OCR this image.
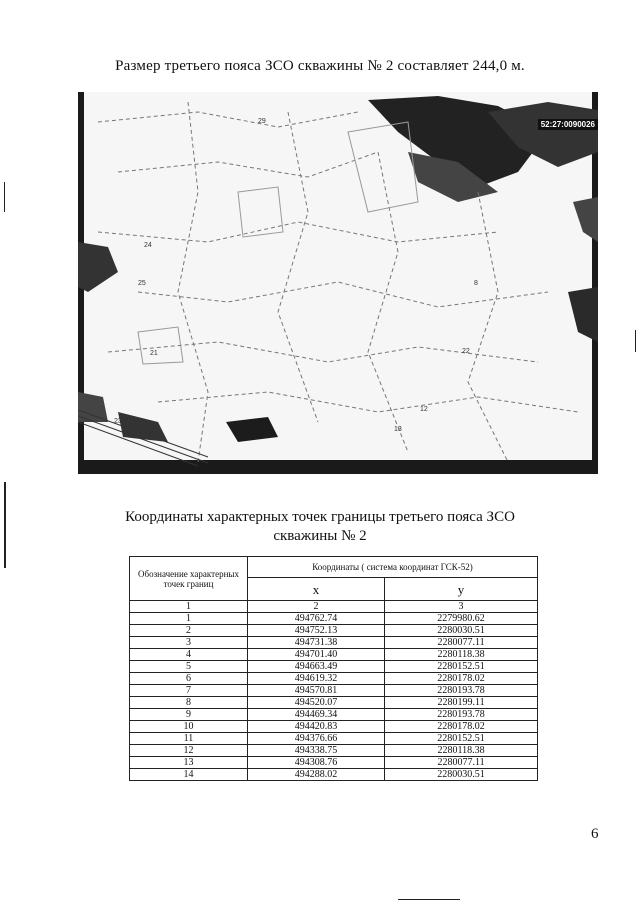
Размер третьего пояса ЗСО скважины № 2 составляет 244,0 м.
52:27:0090026
29
24
25
21	22
12
13
23
8
Координаты характерных точек границы третьего пояса ЗСО
скважины № 2
Обозначение характерных точек границ	Координаты ( система координат ГСК-52)	
	x	y
1	2	3
1	494762.74	2279980.62
2	494752.13	2280030.51
3	494731.38	2280077.11
4	494701.40	2280118.38
5	494663.49	2280152.51
6	494619.32	2280178.02
7	494570.81	2280193.78
8	494520.07	2280199.11
9	494469.34	2280193.78
10	494420.83	2280178.02
11	494376.66	2280152.51
12	494338.75	2280118.38
13	494308.76	2280077.11
14	494288.02	2280030.51
6
